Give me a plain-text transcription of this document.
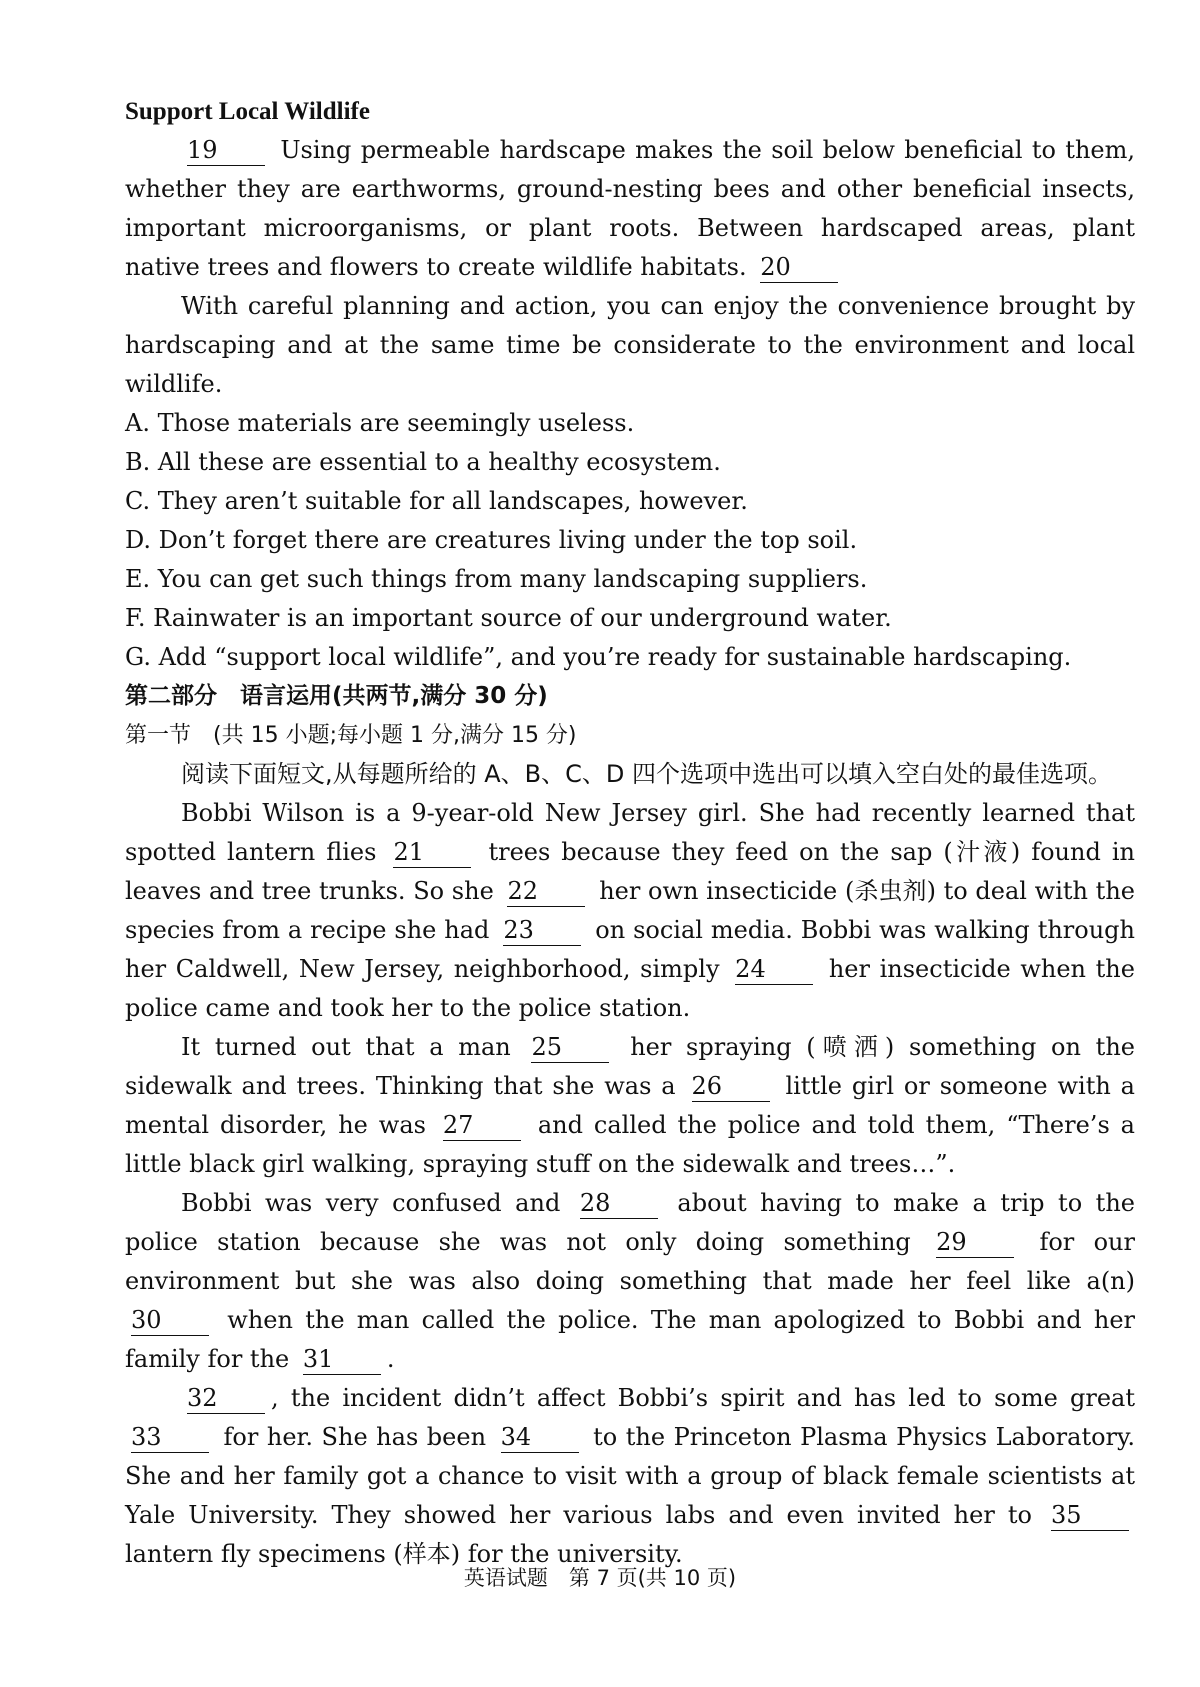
Support Local Wildlife

19	Using permeable hardscape makes the soil below beneficial to them, whether they are earthworms, ground-nesting bees and other beneficial insects, important microorganisms, or plant roots. Between hardscaped areas, plant native trees and flowers to create wildlife habitats. 20

With careful planning and action, you can enjoy the convenience brought by hardscaping and at the same time be considerate to the environment and local wildlife.

A. Those materials are seemingly useless.

B. All these are essential to a healthy ecosystem.

C. They aren’t suitable for all landscapes, however.

D. Don’t forget there are creatures living under the top soil.

E. You can get such things from many landscaping suppliers.

F. Rainwater is an important source of our underground water.

G. Add “support local wildlife”, and you’re ready for sustainable hardscaping.

第二部分　语言运用(共两节,满分 30 分)

第一节　(共 15 小题;每小题 1 分,满分 15 分)

阅读下面短文,从每题所给的 A、B、C、D 四个选项中选出可以填入空白处的最佳选项。

Bobbi Wilson is a 9-year-old New Jersey girl. She had recently learned that spotted lantern flies 21	trees because they feed on the sap (汁液) found in leaves and tree trunks. So she 22	her own insecticide (杀虫剂) to deal with the species from a recipe she had 23	on social media. Bobbi was walking through her Caldwell, New Jersey, neighborhood, simply 24	her insecticide when the police came and took her to the police station.

It turned out that a man 25	her spraying (喷洒) something on the sidewalk and trees. Thinking that she was a 26	little girl or someone with a mental disorder, he was 27	and called the police and told them, “There’s a little black girl walking, spraying stuff on the sidewalk and trees…”.

Bobbi was very confused and 28	about having to make a trip to the police station because she was not only doing something 29	for our environment but she was also doing something that made her feel like a(n) 30	when the man called the police. The man apologized to Bobbi and her family for the 31 .

32 , the incident didn’t affect Bobbi’s spirit and has led to some great 33	for her. She has been 34	to the Princeton Plasma Physics Laboratory. She and her family got a chance to visit with a group of black female scientists at Yale University. They showed her various labs and even invited her to 35 lantern fly specimens (样本) for the university.

英语试题　第 7 页(共 10 页)
